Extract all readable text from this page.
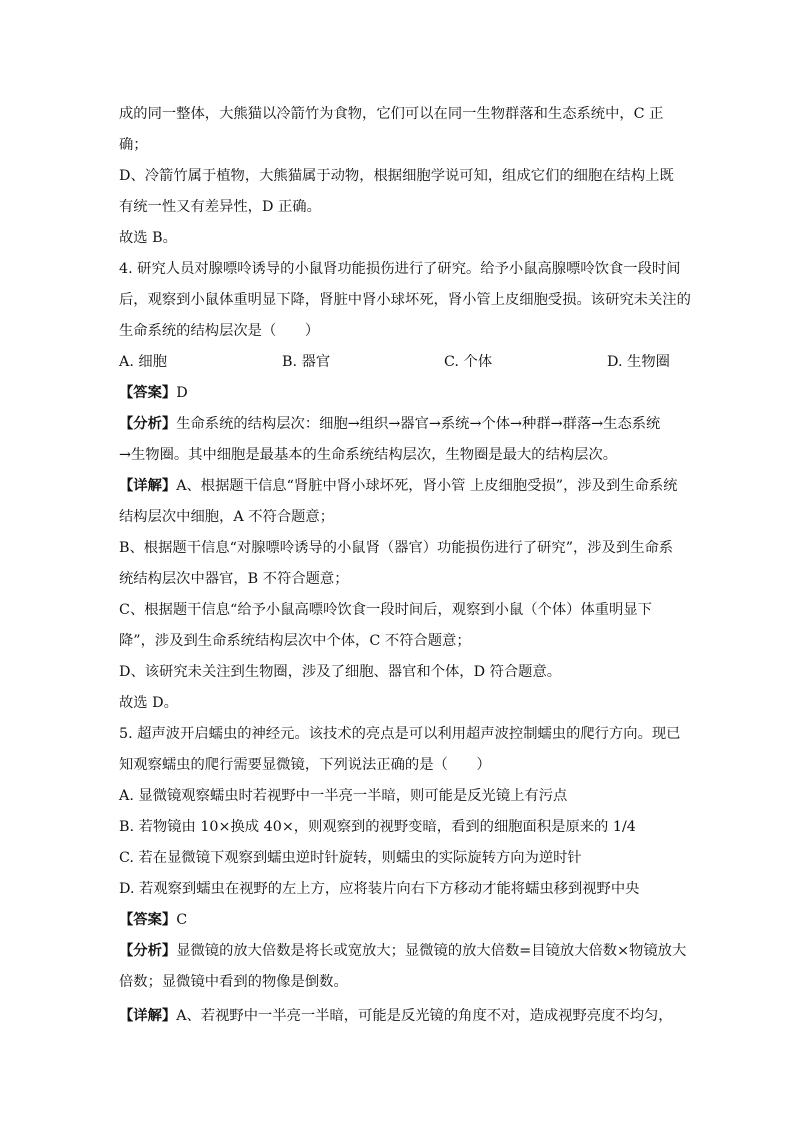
成的同一整体，大熊猫以冷箭竹为食物，它们可以在同一生物群落和生态系统中，C 正

确；

D、冷箭竹属于植物，大熊猫属于动物，根据细胞学说可知，组成它们的细胞在结构上既

有统一性又有差异性，D 正确。

故选 B。

4. 研究人员对腺嘌呤诱导的小鼠肾功能损伤进行了研究。给予小鼠高腺嘌呤饮食一段时间

后，观察到小鼠体重明显下降，肾脏中肾小球坏死，肾小管上皮细胞受损。该研究未关注的

生命系统的结构层次是（　　）

A. 细胞	B. 器官	C. 个体	D. 生物圈

【答案】D

【分析】生命系统的结构层次：细胞→组织→器官→系统→个体→种群→群落→生态系统

→生物圈。其中细胞是最基本的生命系统结构层次，生物圈是最大的结构层次。

【详解】A、根据题干信息“肾脏中肾小球坏死，肾小管 上皮细胞受损”，涉及到生命系统

结构层次中细胞，A 不符合题意；

B、根据题干信息“对腺嘌呤诱导的小鼠肾（器官）功能损伤进行了研究”，涉及到生命系

统结构层次中器官，B 不符合题意；

C、根据题干信息“给予小鼠高嘌呤饮食一段时间后，观察到小鼠（个体）体重明显下

降”，涉及到生命系统结构层次中个体，C 不符合题意；

D、该研究未关注到生物圈，涉及了细胞、器官和个体，D 符合题意。

故选 D。

5. 超声波开启蠕虫的神经元。该技术的亮点是可以利用超声波控制蠕虫的爬行方向。现已

知观察蠕虫的爬行需要显微镜，下列说法正确的是（　　）

A. 显微镜观察蠕虫时若视野中一半亮一半暗，则可能是反光镜上有污点

B. 若物镜由 10×换成 40×，则观察到的视野变暗，看到的细胞面积是原来的 1/4

C. 若在显微镜下观察到蠕虫逆时针旋转，则蠕虫的实际旋转方向为逆时针

D. 若观察到蠕虫在视野的左上方，应将装片向右下方移动才能将蠕虫移到视野中央

【答案】C

【分析】显微镜的放大倍数是将长或宽放大；显微镜的放大倍数=目镜放大倍数×物镜放大

倍数；显微镜中看到的物像是倒数。

【详解】A、若视野中一半亮一半暗，可能是反光镜的角度不对，造成视野亮度不均匀，
